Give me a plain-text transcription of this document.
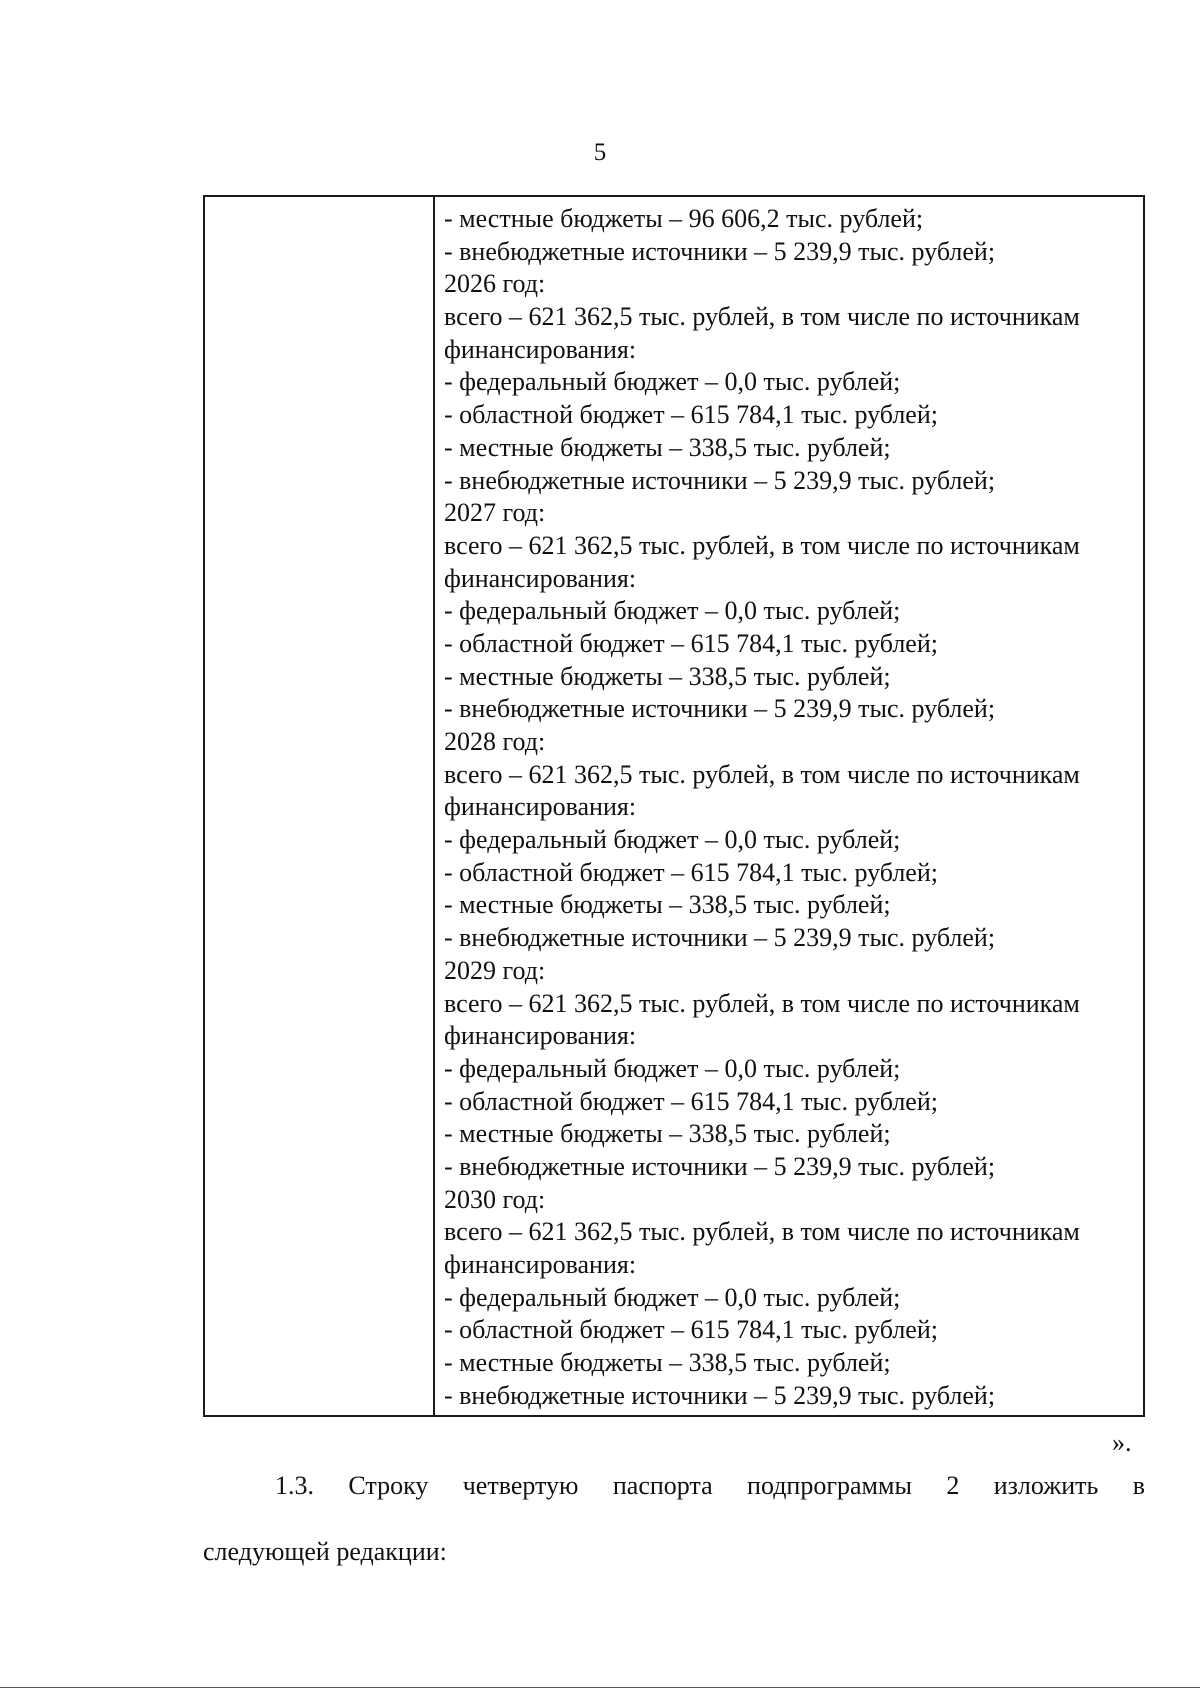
5
- местные бюджеты – 96 606,2 тыс. рублей;
- внебюджетные источники – 5 239,9 тыс. рублей;
2026 год:
всего – 621 362,5 тыс. рублей, в том числе по источникам
финансирования:
- федеральный бюджет – 0,0 тыс. рублей;
- областной бюджет – 615 784,1 тыс. рублей;
- местные бюджеты – 338,5 тыс. рублей;
- внебюджетные источники – 5 239,9 тыс. рублей;
2027 год:
всего – 621 362,5 тыс. рублей, в том числе по источникам
финансирования:
- федеральный бюджет – 0,0 тыс. рублей;
- областной бюджет – 615 784,1 тыс. рублей;
- местные бюджеты – 338,5 тыс. рублей;
- внебюджетные источники – 5 239,9 тыс. рублей;
2028 год:
всего – 621 362,5 тыс. рублей, в том числе по источникам
финансирования:
- федеральный бюджет – 0,0 тыс. рублей;
- областной бюджет – 615 784,1 тыс. рублей;
- местные бюджеты – 338,5 тыс. рублей;
- внебюджетные источники – 5 239,9 тыс. рублей;
2029 год:
всего – 621 362,5 тыс. рублей, в том числе по источникам
финансирования:
- федеральный бюджет – 0,0 тыс. рублей;
- областной бюджет – 615 784,1 тыс. рублей;
- местные бюджеты – 338,5 тыс. рублей;
- внебюджетные источники – 5 239,9 тыс. рублей;
2030 год:
всего – 621 362,5 тыс. рублей, в том числе по источникам
финансирования:
- федеральный бюджет – 0,0 тыс. рублей;
- областной бюджет – 615 784,1 тыс. рублей;
- местные бюджеты – 338,5 тыс. рублей;
- внебюджетные источники – 5 239,9 тыс. рублей;
».
1.3. Строку четвертую паспорта подпрограммы 2 изложить в
следующей редакции:
